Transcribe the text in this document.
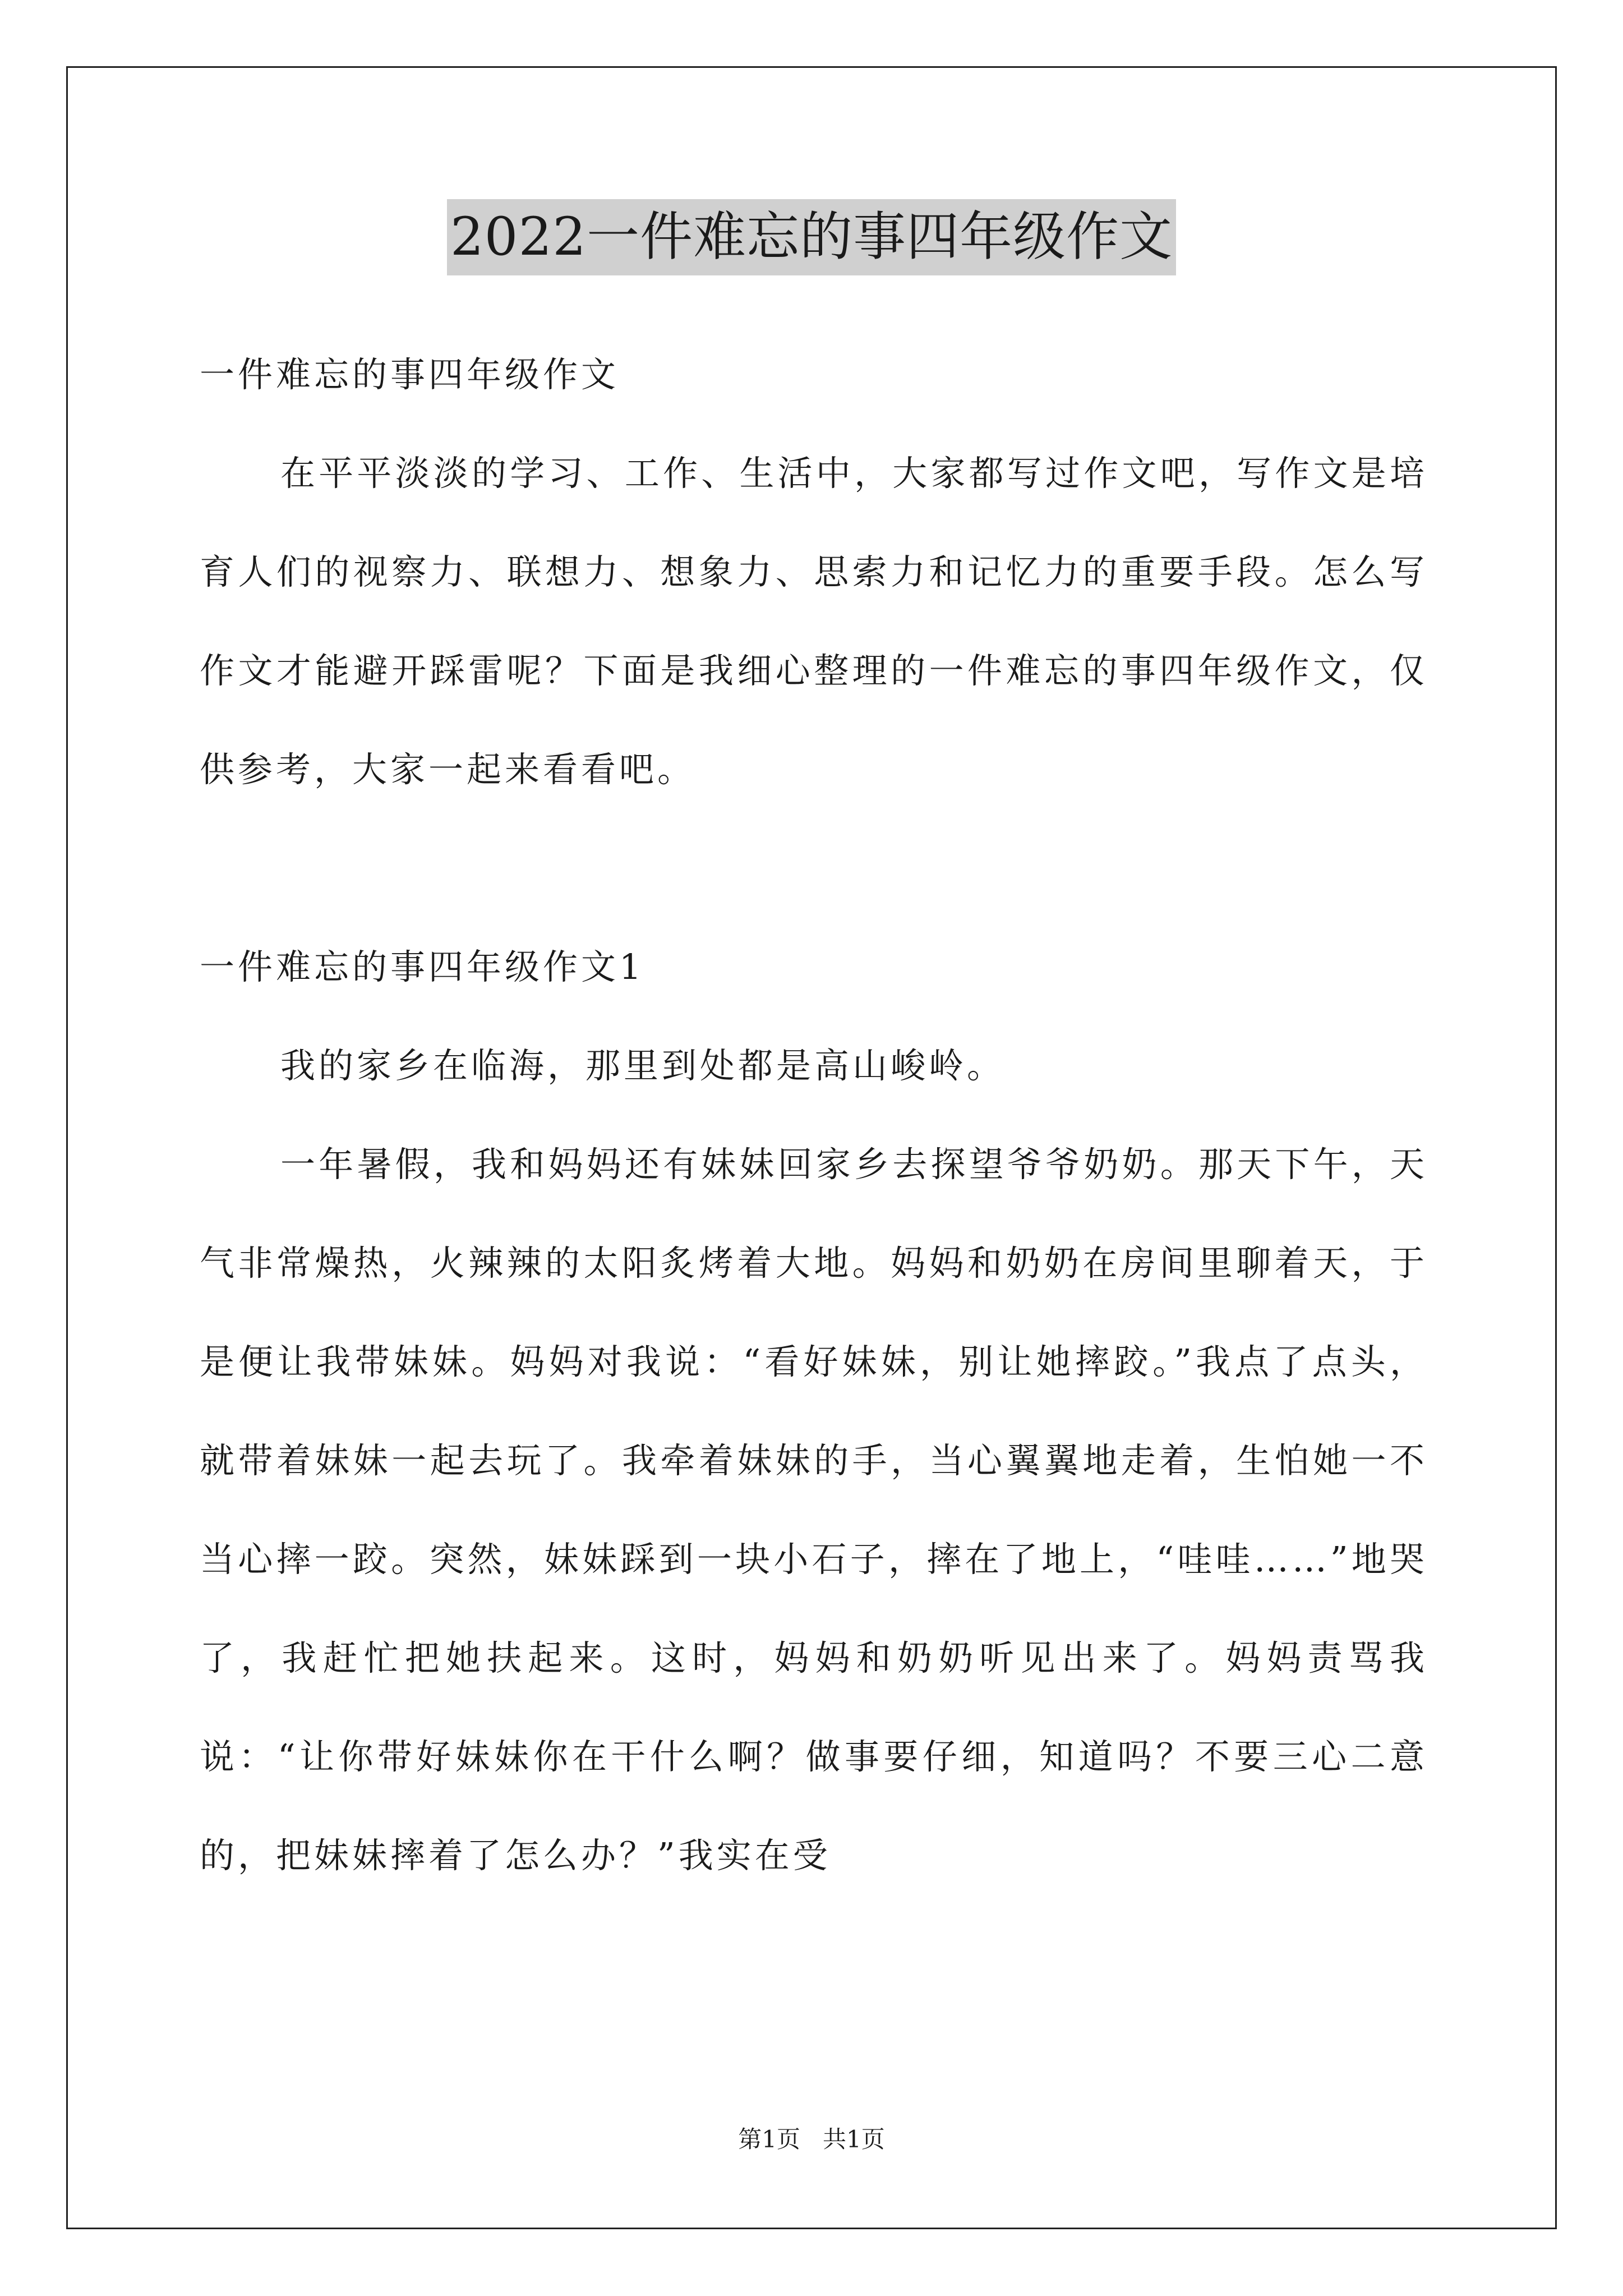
2022一件难忘的事四年级作文

一件难忘的事四年级作文

在平平淡淡的学习、工作、生活中，大家都写过作文吧，写作文是培育人们的视察力、联想力、想象力、思索力和记忆力的重要手段。怎么写作文才能避开踩雷呢？下面是我细心整理的一件难忘的事四年级作文，仅供参考，大家一起来看看吧。

一件难忘的事四年级作文1

我的家乡在临海，那里到处都是高山峻岭。

一年暑假，我和妈妈还有妹妹回家乡去探望爷爷奶奶。那天下午，天气非常燥热，火辣辣的太阳炙烤着大地。妈妈和奶奶在房间里聊着天，于是便让我带妹妹。妈妈对我说：“看好妹妹，别让她摔跤。”我点了点头，就带着妹妹一起去玩了。我牵着妹妹的手，当心翼翼地走着，生怕她一不当心摔一跤。突然，妹妹踩到一块小石子，摔在了地上，“哇哇……”地哭了，我赶忙把她扶起来。这时，妈妈和奶奶听见出来了。妈妈责骂我说：“让你带好妹妹你在干什么啊？做事要仔细，知道吗？不要三心二意的，把妹妹摔着了怎么办？”我实在受

第1页 共1页
